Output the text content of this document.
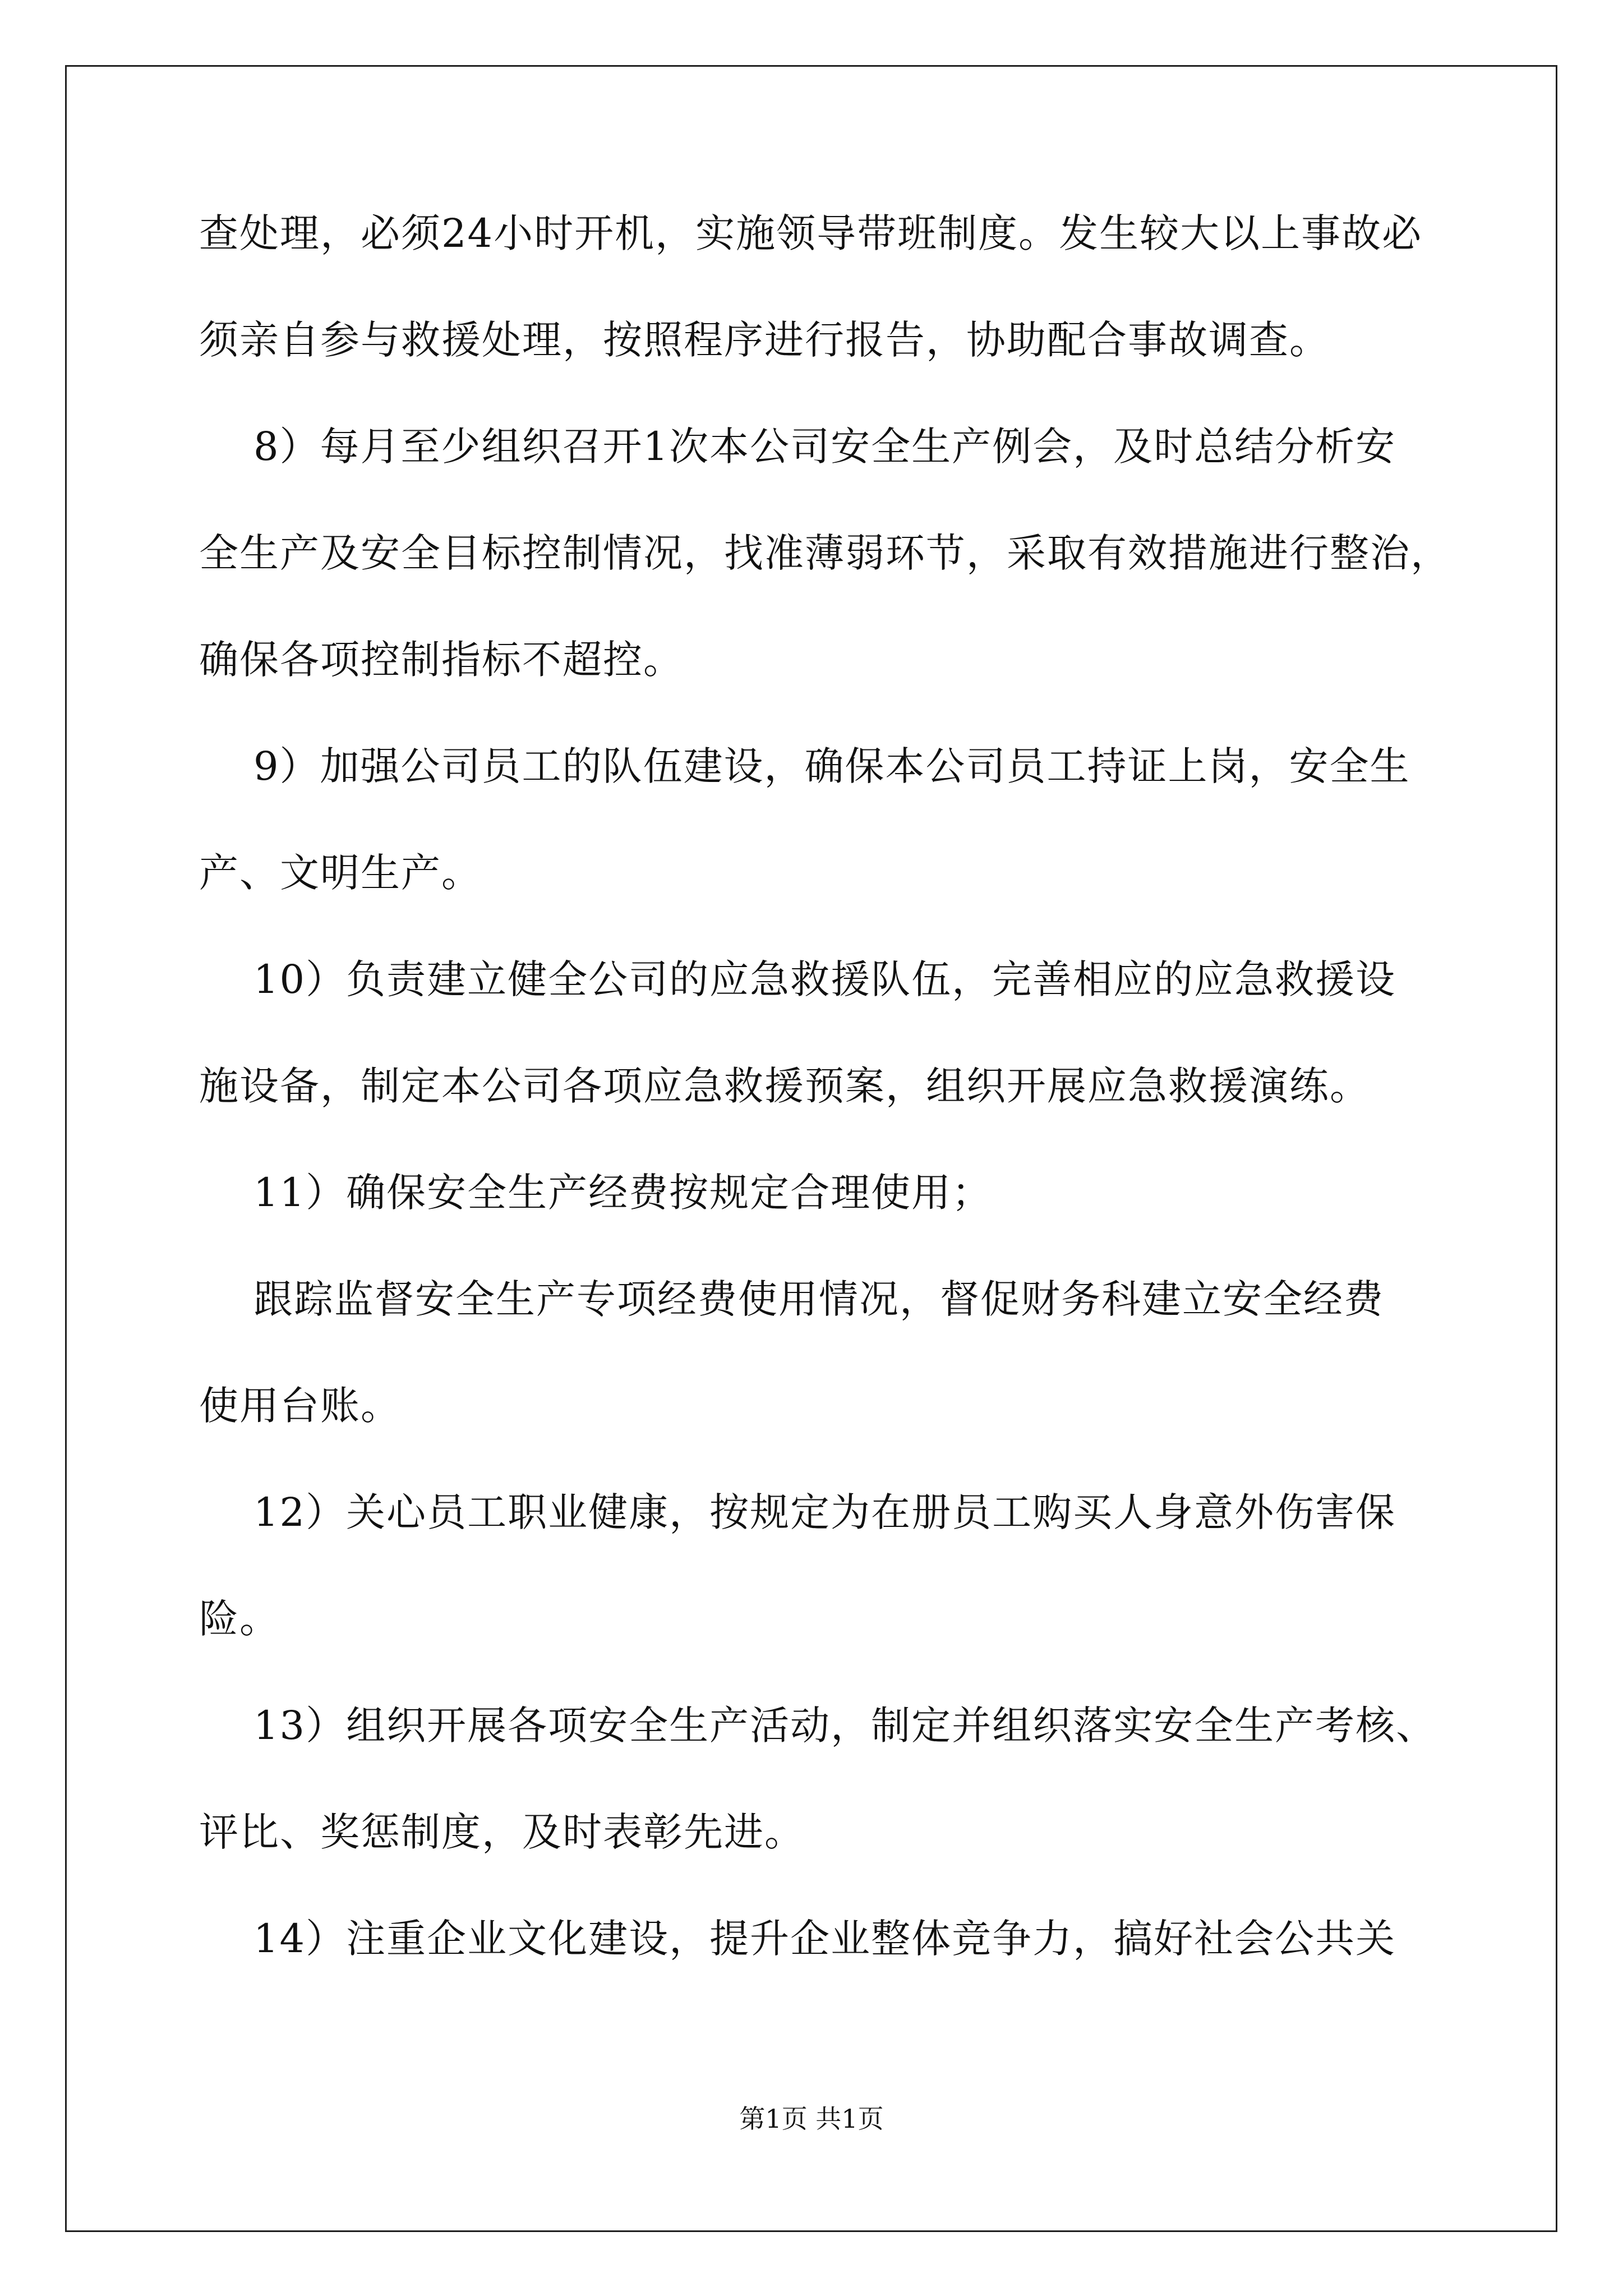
查处理，必须24小时开机，实施领导带班制度。发生较大以上事故必
须亲自参与救援处理，按照程序进行报告，协助配合事故调查。
8）每月至少组织召开1次本公司安全生产例会，及时总结分析安
全生产及安全目标控制情况，找准薄弱环节，采取有效措施进行整治，
确保各项控制指标不超控。
9）加强公司员工的队伍建设，确保本公司员工持证上岗，安全生
产、文明生产。
10）负责建立健全公司的应急救援队伍，完善相应的应急救援设
施设备，制定本公司各项应急救援预案，组织开展应急救援演练。
11）确保安全生产经费按规定合理使用；
跟踪监督安全生产专项经费使用情况，督促财务科建立安全经费
使用台账。
12）关心员工职业健康，按规定为在册员工购买人身意外伤害保
险。
13）组织开展各项安全生产活动，制定并组织落实安全生产考核、
评比、奖惩制度，及时表彰先进。
14）注重企业文化建设，提升企业整体竞争力，搞好社会公共关
第1页 共1页
